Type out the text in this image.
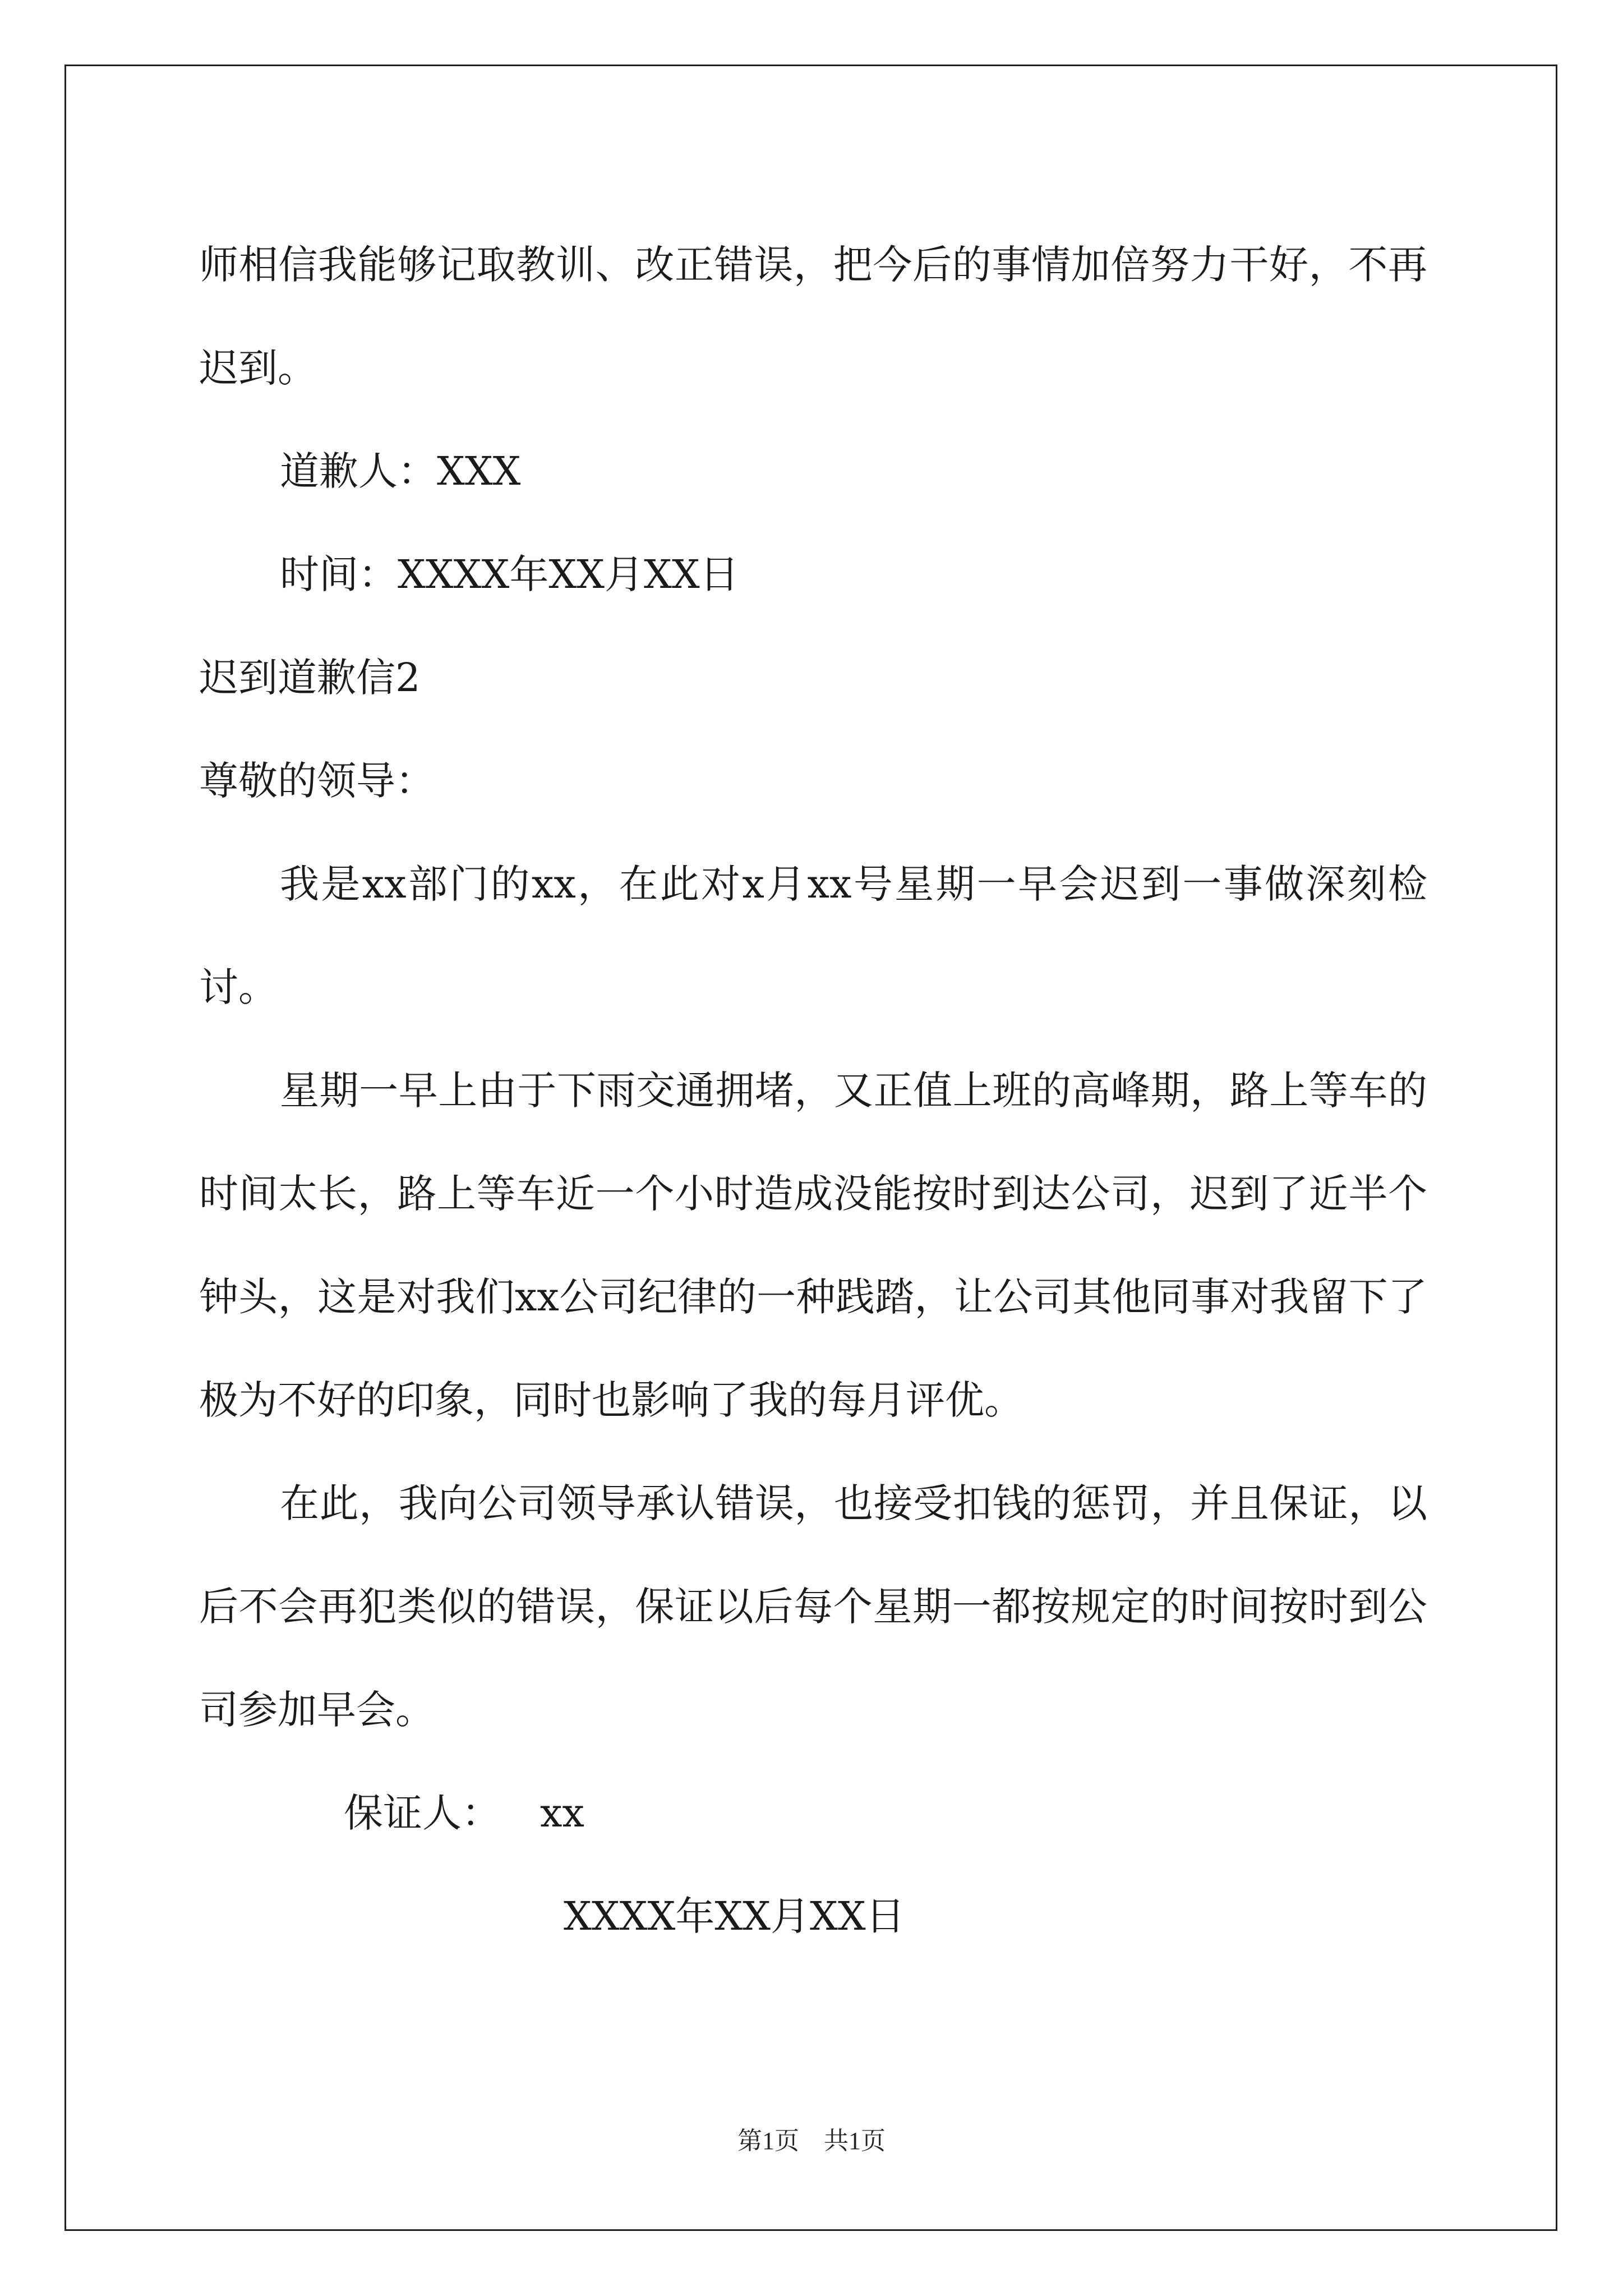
师相信我能够记取教训、改正错误，把今后的事情加倍努力干好，不再迟到。

道歉人：XXX
时间：XXXX年XX月XX日
迟到道歉信2
尊敬的领导：

我是xx部门的xx，在此对x月xx号星期一早会迟到一事做深刻检讨。

星期一早上由于下雨交通拥堵，又正值上班的高峰期，路上等车的时间太长，路上等车近一个小时造成没能按时到达公司，迟到了近半个钟头，这是对我们xx公司纪律的一种践踏，让公司其他同事对我留下了极为不好的印象，同时也影响了我的每月评优。

在此，我向公司领导承认错误，也接受扣钱的惩罚，并且保证，以后不会再犯类似的错误，保证以后每个星期一都按规定的时间按时到公司参加早会。

保证人： xx
XXXX年XX月XX日
第1页　共1页
